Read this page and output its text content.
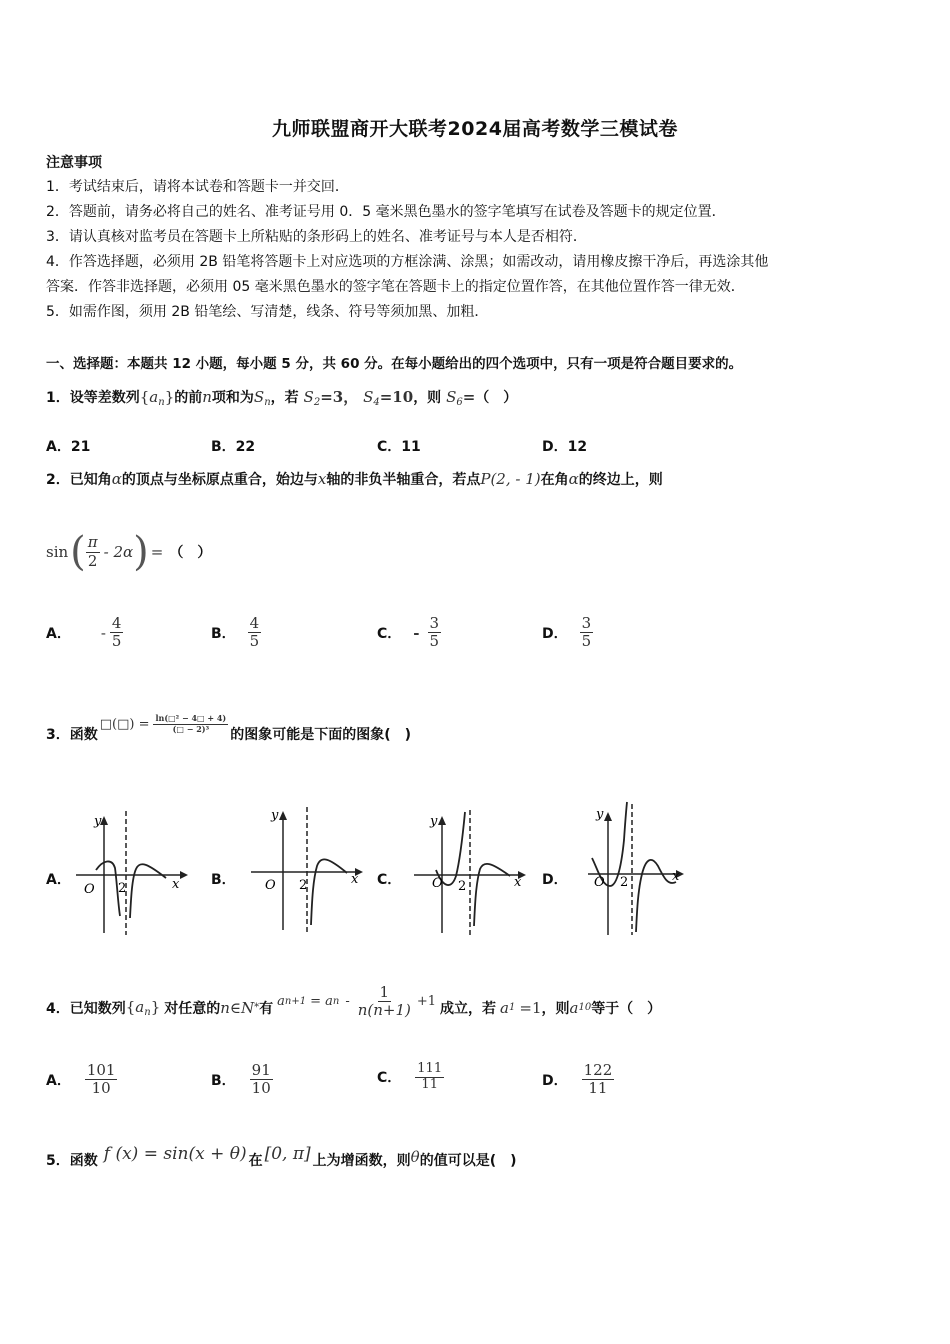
九师联盟商开大联考2024届高考数学三模试卷
注意事项
1．考试结束后，请将本试卷和答题卡一并交回．
2．答题前，请务必将自己的姓名、准考证号用 0．5 毫米黑色墨水的签字笔填写在试卷及答题卡的规定位置．
3．请认真核对监考员在答题卡上所粘贴的条形码上的姓名、准考证号与本人是否相符．
4．作答选择题，必须用 2B 铅笔将答题卡上对应选项的方框涂满、涂黑；如需改动，请用橡皮擦干净后，再选涂其他
答案．作答非选择题，必须用 05 毫米黑色墨水的签字笔在答题卡上的指定位置作答，在其他位置作答一律无效．
5．如需作图，须用 2B 铅笔绘、写清楚，线条、符号等须加黑、加粗．
一、选择题：本题共 12 小题，每小题 5 分，共 60 分。在每小题给出的四个选项中，只有一项是符合题目要求的。
1．设等差数列$\{a_n\}$的前n项和为$S_n$，若 $S_2=3$， $S_4=10$，则 $S_6=$（　）
A．21	B．22	C．11	D．12
2．已知角α的顶点与坐标原点重合，始边与x轴的非负半轴重合，若点P(2, - 1)在角α的终边上，则
sin ( $\frac{\pi}{2} - 2\alpha$ ) = （　）
A． - $\frac{4}{5}$	B． $\frac{4}{5}$	C． - $\frac{3}{5}$	D． $\frac{3}{5}$
3．函数
□(□) = $\frac{\text{ln(□² − 4□ + 4)}}{\text{(□ − 2)³}}$
的图象可能是下面的图象(　)
A．	B．	C．	D．
y
x
O 2
y
x
O 2
y
x
O 2
y
x
O 2
4．已知数列 $\{a_n\}$ 对任意的 n∈N * 有 a n+1 = a $n - \frac{1}{n(n+1)} +1$ 成立，若 a 1 =1 ，则 a 10 等于（　）
A． $\frac{101}{10}$	B． $\frac{91}{10}$	C． $\frac{111}{11}$	D． $\frac{122}{11}$
5．函数 f (x) = sin(x + θ) 在 [0, π] 上为增函数，则 θ 的值可以是(　)
